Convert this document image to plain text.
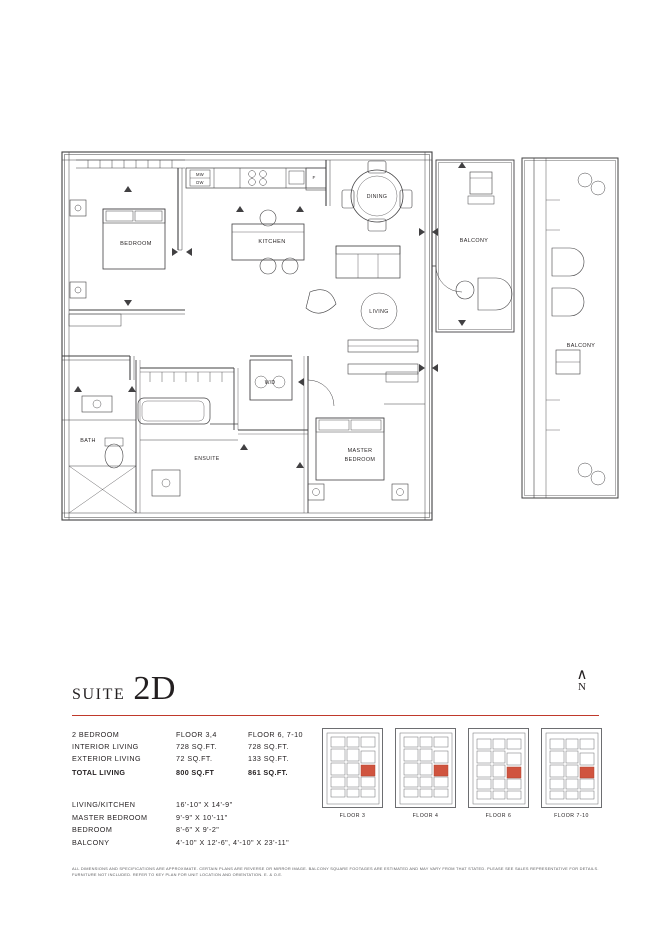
BEDROOM	KITCHEN
DINING
LIVING
BALCONY
BALCONY
BATH
ENSUITE
W/D
MASTER
BEDROOM
MW
DW
F
SUITE 2D	∧
N
2 BEDROOM	FLOOR 3,4	FLOOR 6, 7-10
INTERIOR LIVING	728 SQ.FT.	728 SQ.FT.
EXTERIOR LIVING	72 SQ.FT.	133 SQ.FT.
TOTAL LIVING	800 SQ.FT	861 SQ.FT.
LIVING/KITCHEN	16'-10" X 14'-9"
MASTER BEDROOM	9'-9" X 10'-11"
BEDROOM	8'-6" X 9'-2"
BALCONY	4'-10" X 12'-6", 4'-10" X 23'-11"
FLOOR 3	FLOOR 4	FLOOR 6	FLOOR 7-10
ALL DIMENSIONS AND SPECIFICATIONS ARE APPROXIMATE. CERTAIN PLANS ARE REVERSE OR MIRROR IMAGE. BALCONY SQUARE FOOTAGES ARE ESTIMATED AND MAY VARY FROM THAT STATED. PLEASE SEE SALES REPRESENTATIVE FOR DETAILS. FURNITURE NOT INCLUDED. REFER TO KEY PLAN FOR UNIT LOCATION AND ORIENTATION. E. & O.E.
